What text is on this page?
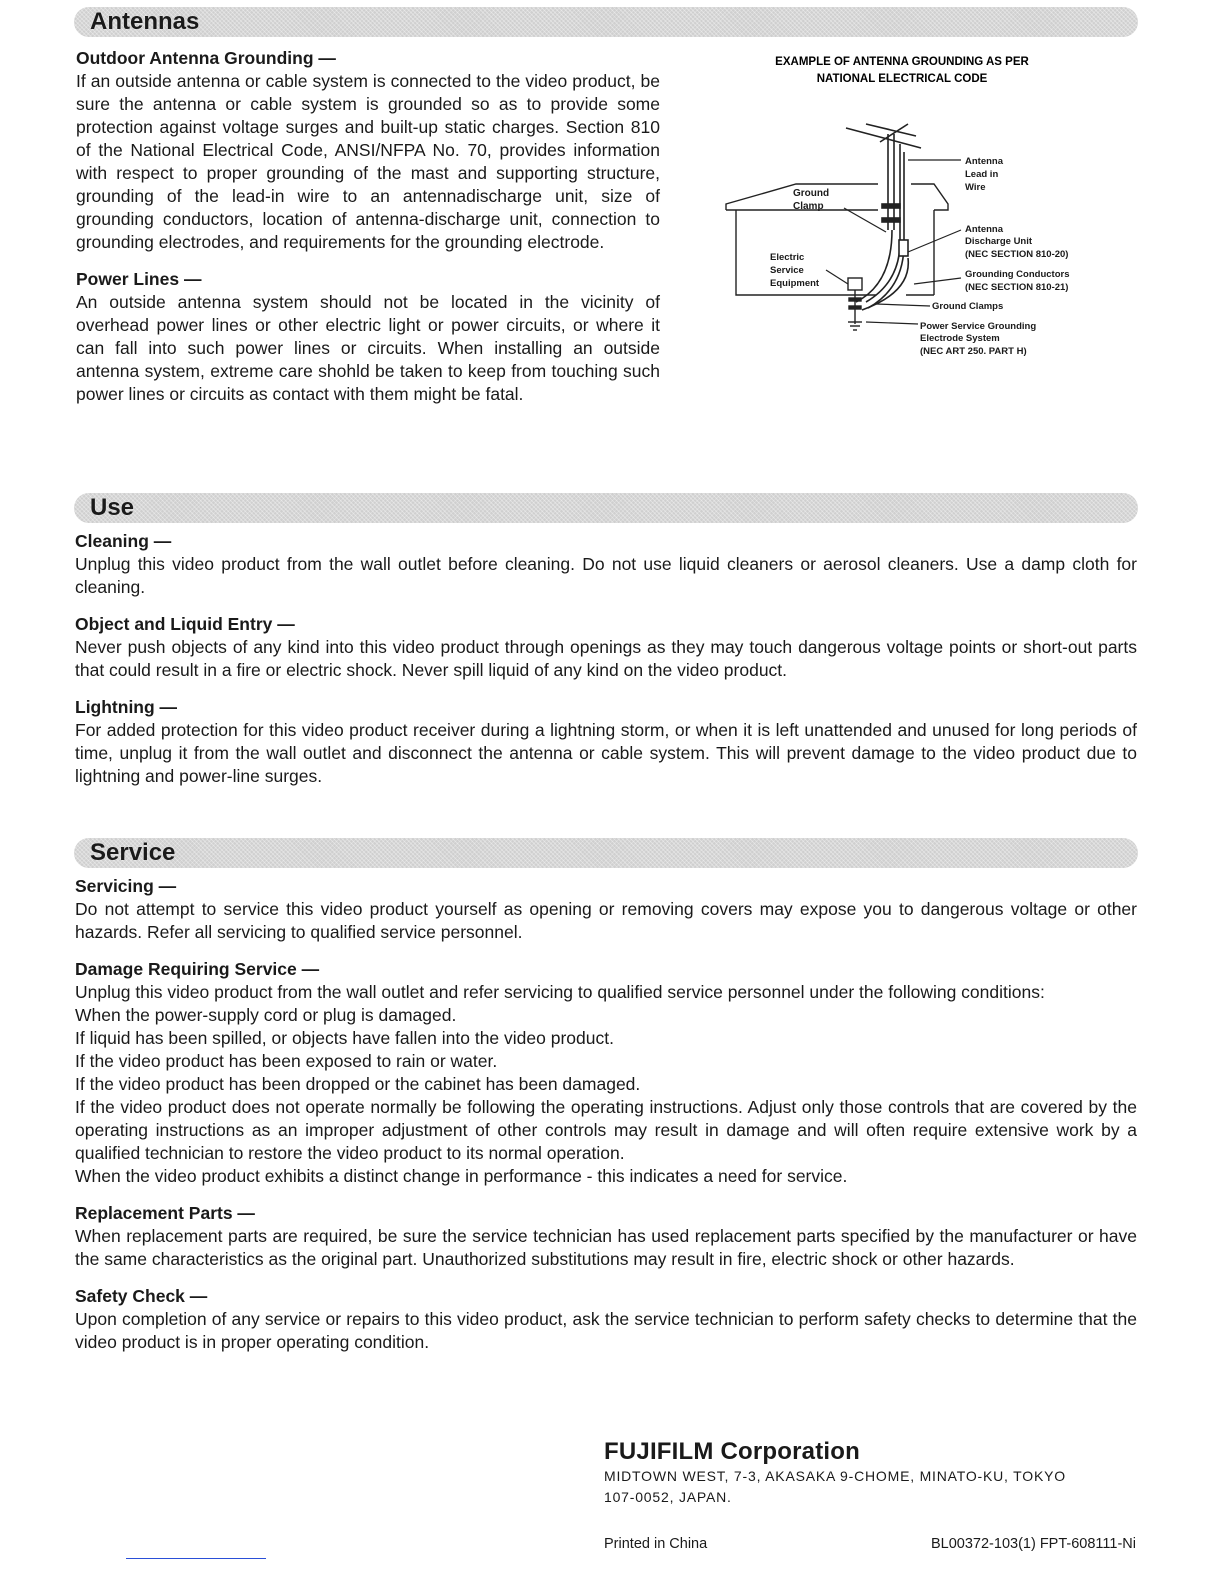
Antennas
Outdoor Antenna Grounding —

If an outside antenna or cable system is connected to the video product, be sure the antenna or cable system is grounded so as to provide some protection against voltage surges and built-up static charges. Section 810 of the National Electrical Code, ANSI/NFPA No. 70, provides information with respect to proper grounding of the mast and supporting structure, grounding of the lead-in wire to an antennadischarge unit, size of grounding conductors, location of antenna-discharge unit, connection to grounding electrodes, and requirements for the grounding electrode.

Power Lines —

An outside antenna system should not be located in the vicinity of overhead power lines or other electric light or power circuits, or where it can fall into such power lines or circuits. When installing an outside antenna system, extreme care shohld be taken to keep from touching such power lines or circuits as contact with them might be fatal.

EXAMPLE OF ANTENNA GROUNDING AS PER
NATIONAL ELECTRICAL CODE
Antenna
Lead in
Wire
Ground
Clamp
Antenna
Discharge Unit
(NEC SECTION 810-20)
Grounding Conductors
(NEC SECTION 810-21)
Electric
Service
Equipment
Ground Clamps
Power Service Grounding
Electrode System
(NEC ART 250. PART H)
Use
Cleaning —

Unplug this video product from the wall outlet before cleaning. Do not use liquid cleaners or aerosol cleaners. Use a damp cloth for cleaning.

Object and Liquid Entry —

Never push objects of any kind into this video product through openings as they may touch dangerous voltage points or short-out parts that could result in a fire or electric shock. Never spill liquid of any kind on the video product.

Lightning —

For added protection for this video product receiver during a lightning storm, or when it is left unattended and unused for long periods of time, unplug it from the wall outlet and disconnect the antenna or cable system. This will prevent damage to the video product due to lightning and power-line surges.

Service
Servicing —

Do not attempt to service this video product yourself as opening or removing covers may expose you to dangerous voltage or other hazards. Refer all servicing to qualified service personnel.

Damage Requiring Service —

Unplug this video product from the wall outlet and refer servicing to qualified service personnel under the following conditions:

When the power-supply cord or plug is damaged.

If liquid has been spilled, or objects have fallen into the video product.

If the video product has been exposed to rain or water.

If the video product has been dropped or the cabinet has been damaged.

If the video product does not operate normally be following the operating instructions. Adjust only those controls that are covered by the operating instructions as an improper adjustment of other controls may result in damage and will often require extensive work by a qualified technician to restore the video product to its normal operation.

When the video product exhibits a distinct change in performance - this indicates a need for service.

Replacement Parts —

When replacement parts are required, be sure the service technician has used replacement parts specified by the manufacturer or have the same characteristics as the original part. Unauthorized substitutions may result in fire, electric shock or other hazards.

Safety Check —

Upon completion of any service or repairs to this video product, ask the service technician to perform safety checks to determine that the video product is in proper operating condition.

FUJIFILM Corporation
MIDTOWN WEST, 7-3, AKASAKA 9-CHOME, MINATO-KU, TOKYO
107-0052, JAPAN.
Printed in China	BL00372-103(1) FPT-608111-Ni
